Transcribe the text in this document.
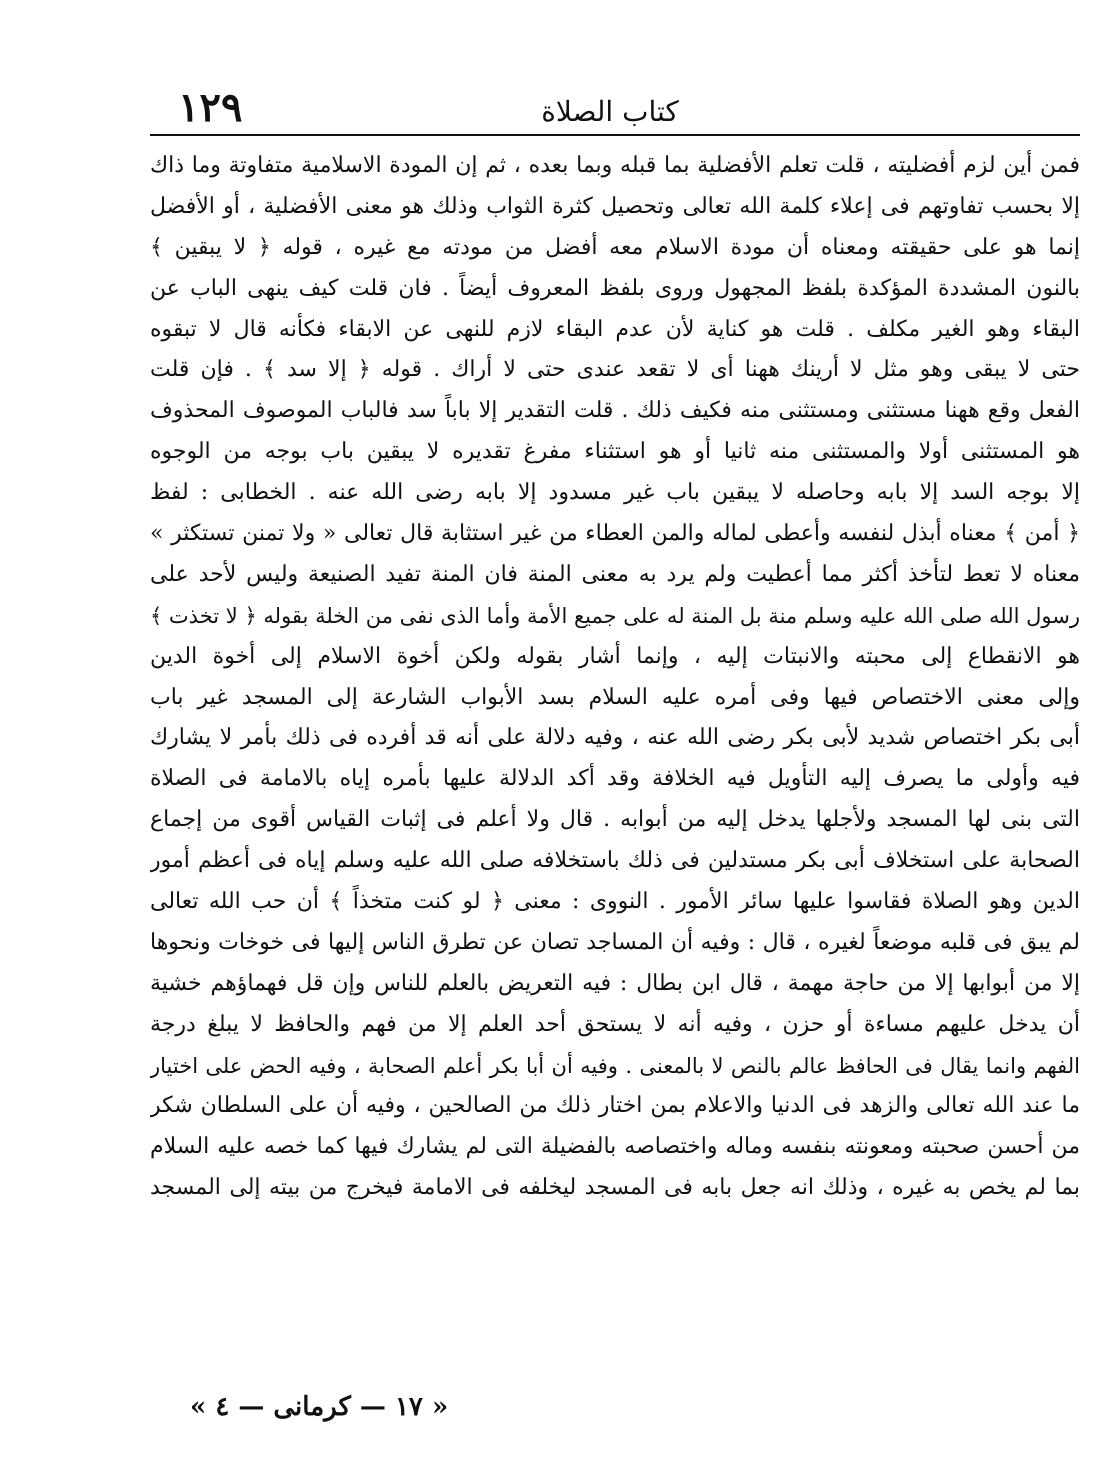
كتاب الصلاة
١٢٩
فمن أين لزم أفضليته ، قلت تعلم الأفضلية بما قبله وبما بعده ، ثم إن المودة الاسلامية متفاوتة وما ذاك
إلا بحسب تفاوتهم فى إعلاء كلمة الله تعالى وتحصيل كثرة الثواب وذلك هو معنى الأفضلية ، أو الأفضل
إنما هو على حقيقته ومعناه أن مودة الاسلام معه أفضل من مودته مع غيره ، قوله ﴿ لا يبقين ﴾
بالنون المشددة المؤكدة بلفظ المجهول وروى بلفظ المعروف أيضاً . فان قلت كيف ينهى الباب عن
البقاء وهو الغير مكلف . قلت هو كناية لأن عدم البقاء لازم للنهى عن الابقاء فكأنه قال لا تبقوه
حتى لا يبقى وهو مثل لا أرينك ههنا أى لا تقعد عندى حتى لا أراك . قوله ﴿ إلا سد ﴾ . فإن قلت
الفعل وقع ههنا مستثنى ومستثنى منه فكيف ذلك . قلت التقدير إلا باباً سد فالباب الموصوف المحذوف
هو المستثنى أولا والمستثنى منه ثانيا أو هو استثناء مفرغ تقديره لا يبقين باب بوجه من الوجوه
إلا بوجه السد إلا بابه وحاصله لا يبقين باب غير مسدود إلا بابه رضى الله عنه . الخطابى : لفظ
﴿ أمن ﴾ معناه أبذل لنفسه وأعطى لماله والمن العطاء من غير استثابة قال تعالى « ولا تمنن تستكثر »
معناه لا تعط لتأخذ أكثر مما أعطيت ولم يرد به معنى المنة فان المنة تفيد الصنيعة وليس لأحد على
رسول الله صلى الله عليه وسلم منة بل المنة له على جميع الأمة وأما الذى نفى من الخلة بقوله ﴿ لا تخذت ﴾
هو الانقطاع إلى محبته والانبتات إليه ، وإنما أشار بقوله ولكن أخوة الاسلام إلى أخوة الدين
وإلى معنى الاختصاص فيها وفى أمره عليه السلام بسد الأبواب الشارعة إلى المسجد غير باب
أبى بكر اختصاص شديد لأبى بكر رضى الله عنه ، وفيه دلالة على أنه قد أفرده فى ذلك بأمر لا يشارك
فيه وأولى ما يصرف إليه التأويل فيه الخلافة وقد أكد الدلالة عليها بأمره إياه بالامامة فى الصلاة
التى بنى لها المسجد ولأجلها يدخل إليه من أبوابه . قال ولا أعلم فى إثبات القياس أقوى من إجماع
الصحابة على استخلاف أبى بكر مستدلين فى ذلك باستخلافه صلى الله عليه وسلم إياه فى أعظم أمور
الدين وهو الصلاة فقاسوا عليها سائر الأمور . النووى : معنى ﴿ لو كنت متخذاً ﴾ أن حب الله تعالى
لم يبق فى قلبه موضعاً لغيره ، قال : وفيه أن المساجد تصان عن تطرق الناس إليها فى خوخات ونحوها
إلا من أبوابها إلا من حاجة مهمة ، قال ابن بطال : فيه التعريض بالعلم للناس وإن قل فهماؤهم خشية
أن يدخل عليهم مساءة أو حزن ، وفيه أنه لا يستحق أحد العلم إلا من فهم والحافظ لا يبلغ درجة
الفهم وانما يقال فى الحافظ عالم بالنص لا بالمعنى . وفيه أن أبا بكر أعلم الصحابة ، وفيه الحض على اختيار
ما عند الله تعالى والزهد فى الدنيا والاعلام بمن اختار ذلك من الصالحين ، وفيه أن على السلطان شكر
من أحسن صحبته ومعونته بنفسه وماله واختصاصه بالفضيلة التى لم يشارك فيها كما خصه عليه السلام
بما لم يخص به غيره ، وذلك انه جعل بابه فى المسجد ليخلفه فى الامامة فيخرج من بيته إلى المسجد
« ١٧ — كرمانى — ٤ »
